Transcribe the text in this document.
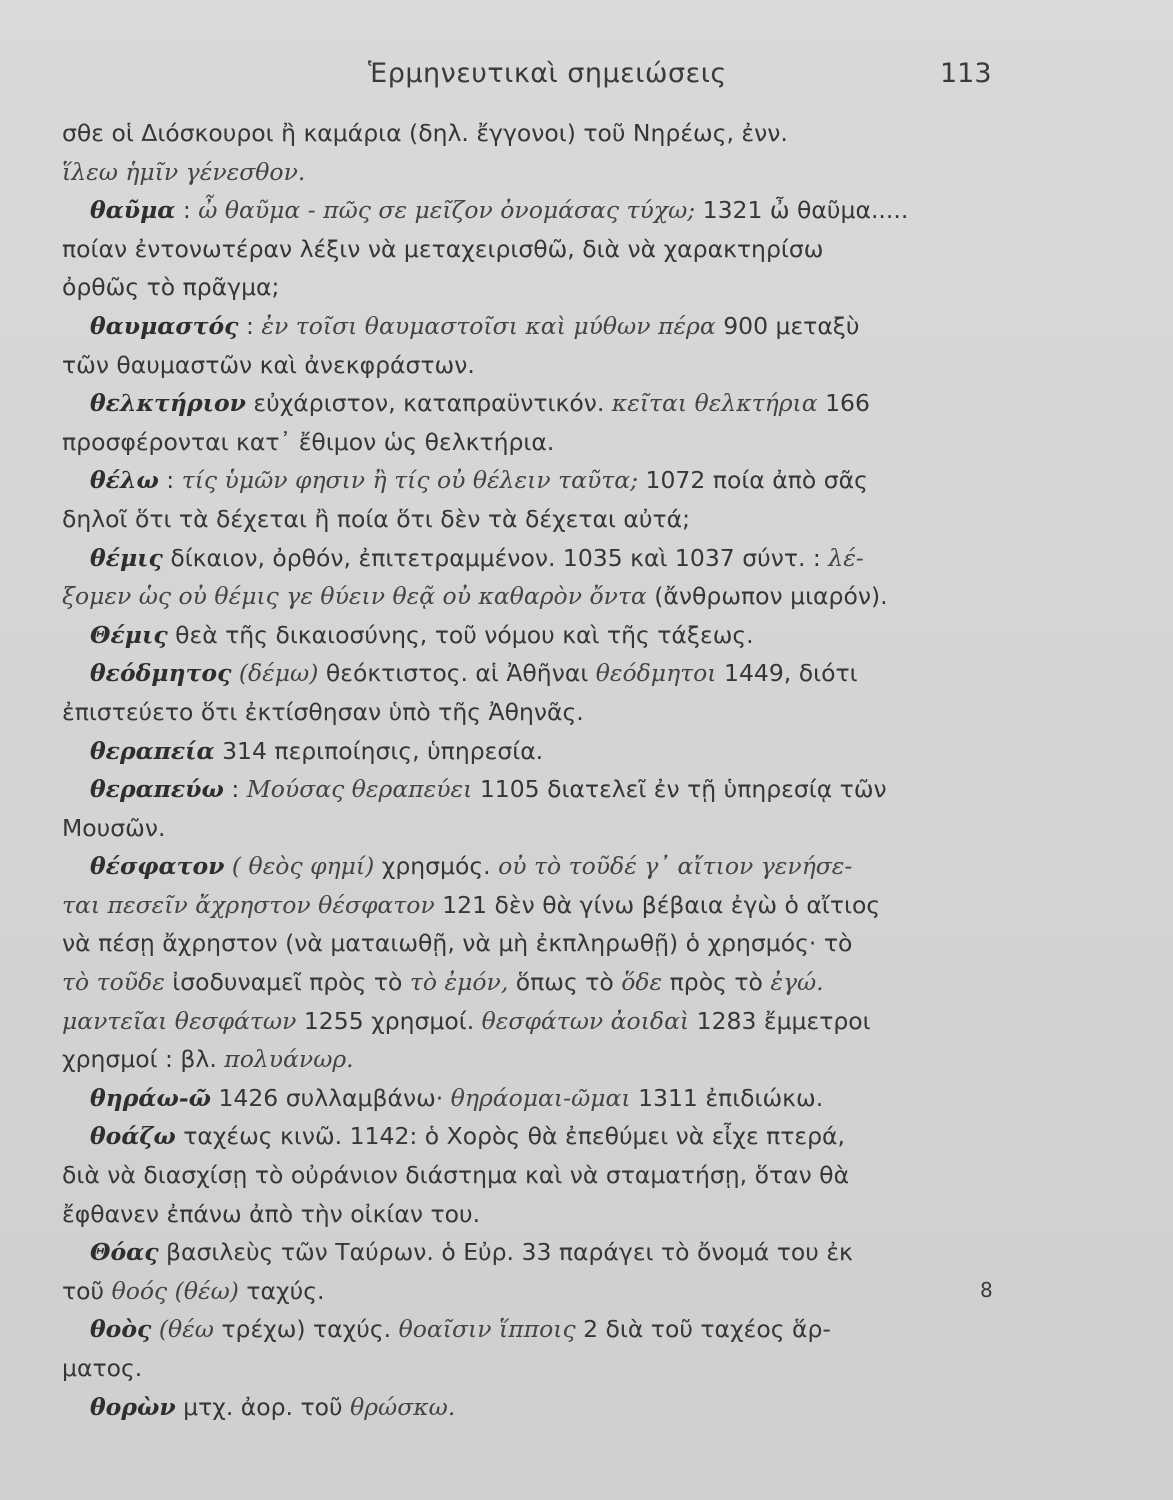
Ἑρμηνευτικαὶ σημειώσεις	113
σθε οἱ Διόσκουροι ἢ καμάρια (δηλ. ἔγγονοι) τοῦ Νηρέως, ἐνν.
ἵλεω ἡμῖν γένεσθον.
θαῦμα : ὦ θαῦμα - πῶς σε μεῖζον ὀνομάσας τύχω; 1321 ὦ θαῦμα.....
ποίαν ἐντονωτέραν λέξιν νὰ μεταχειρισθῶ, διὰ νὰ χαρακτηρίσω
ὀρθῶς τὸ πρᾶγμα;
θαυμαστός : ἐν τοῖσι θαυμαστοῖσι καὶ μύθων πέρα 900 μεταξὺ
τῶν θαυμαστῶν καὶ ἀνεκφράστων.
θελκτήριον εὐχάριστον, καταπραϋντικόν. κεῖται θελκτήρια 166
προσφέρονται κατ᾽ ἔθιμον ὡς θελκτήρια.
θέλω : τίς ὑμῶν φησιν ἢ τίς οὐ θέλειν ταῦτα; 1072 ποία ἀπὸ σᾶς
δηλοῖ ὅτι τὰ δέχεται ἢ ποία ὅτι δὲν τὰ δέχεται αὐτά;
θέμις δίκαιον, ὀρθόν, ἐπιτετραμμένον. 1035 καὶ 1037 σύντ. : λέ-
ξομεν ὡς οὐ θέμις γε θύειν θεᾷ οὐ καθαρὸν ὄντα (ἄνθρωπον μιαρόν).
Θέμις θεὰ τῆς δικαιοσύνης, τοῦ νόμου καὶ τῆς τάξεως.
θεόδμητος (δέμω) θεόκτιστος. αἱ Ἀθῆναι θεόδμητοι 1449, διότι
ἐπιστεύετο ὅτι ἐκτίσθησαν ὑπὸ τῆς Ἀθηνᾶς.
θεραπεία 314 περιποίησις, ὑπηρεσία.
θεραπεύω : Μούσας θεραπεύει 1105 διατελεῖ ἐν τῇ ὑπηρεσίᾳ τῶν
Μουσῶν.
θέσφατον ( θεὸς φημί) χρησμός. οὐ τὸ τοῦδέ γ᾽ αἴτιον γενήσε-
ται πεσεῖν ἄχρηστον θέσφατον 121 δὲν θὰ γίνω βέβαια ἐγὼ ὁ αἴτιος
νὰ πέσῃ ἄχρηστον (νὰ ματαιωθῇ, νὰ μὴ ἐκπληρωθῇ) ὁ χρησμός· τὸ
τὸ τοῦδε ἰσοδυναμεῖ πρὸς τὸ τὸ ἐμόν, ὅπως τὸ ὅδε πρὸς τὸ ἐγώ.
μαντεῖαι θεσφάτων 1255 χρησμοί. θεσφάτων ἀοιδαὶ 1283 ἔμμετροι
χρησμοί : βλ. πολυάνωρ.
θηράω-ῶ 1426 συλλαμβάνω· θηράομαι-ῶμαι 1311 ἐπιδιώκω.
θοάζω ταχέως κινῶ. 1142: ὁ Χορὸς θὰ ἐπεθύμει νὰ εἶχε πτερά,
διὰ νὰ διασχίσῃ τὸ οὐράνιον διάστημα καὶ νὰ σταματήσῃ, ὅταν θὰ
ἔφθανεν ἐπάνω ἀπὸ τὴν οἰκίαν του.
Θόας βασιλεὺς τῶν Ταύρων. ὁ Εὐρ. 33 παράγει τὸ ὄνομά του ἐκ
τοῦ θοός (θέω) ταχύς.
θοὸς (θέω τρέχω) ταχύς. θοαῖσιν ἵπποις 2 διὰ τοῦ ταχέος ἅρ-
ματος.
θορὼν μτχ. ἀορ. τοῦ θρώσκω.
8
